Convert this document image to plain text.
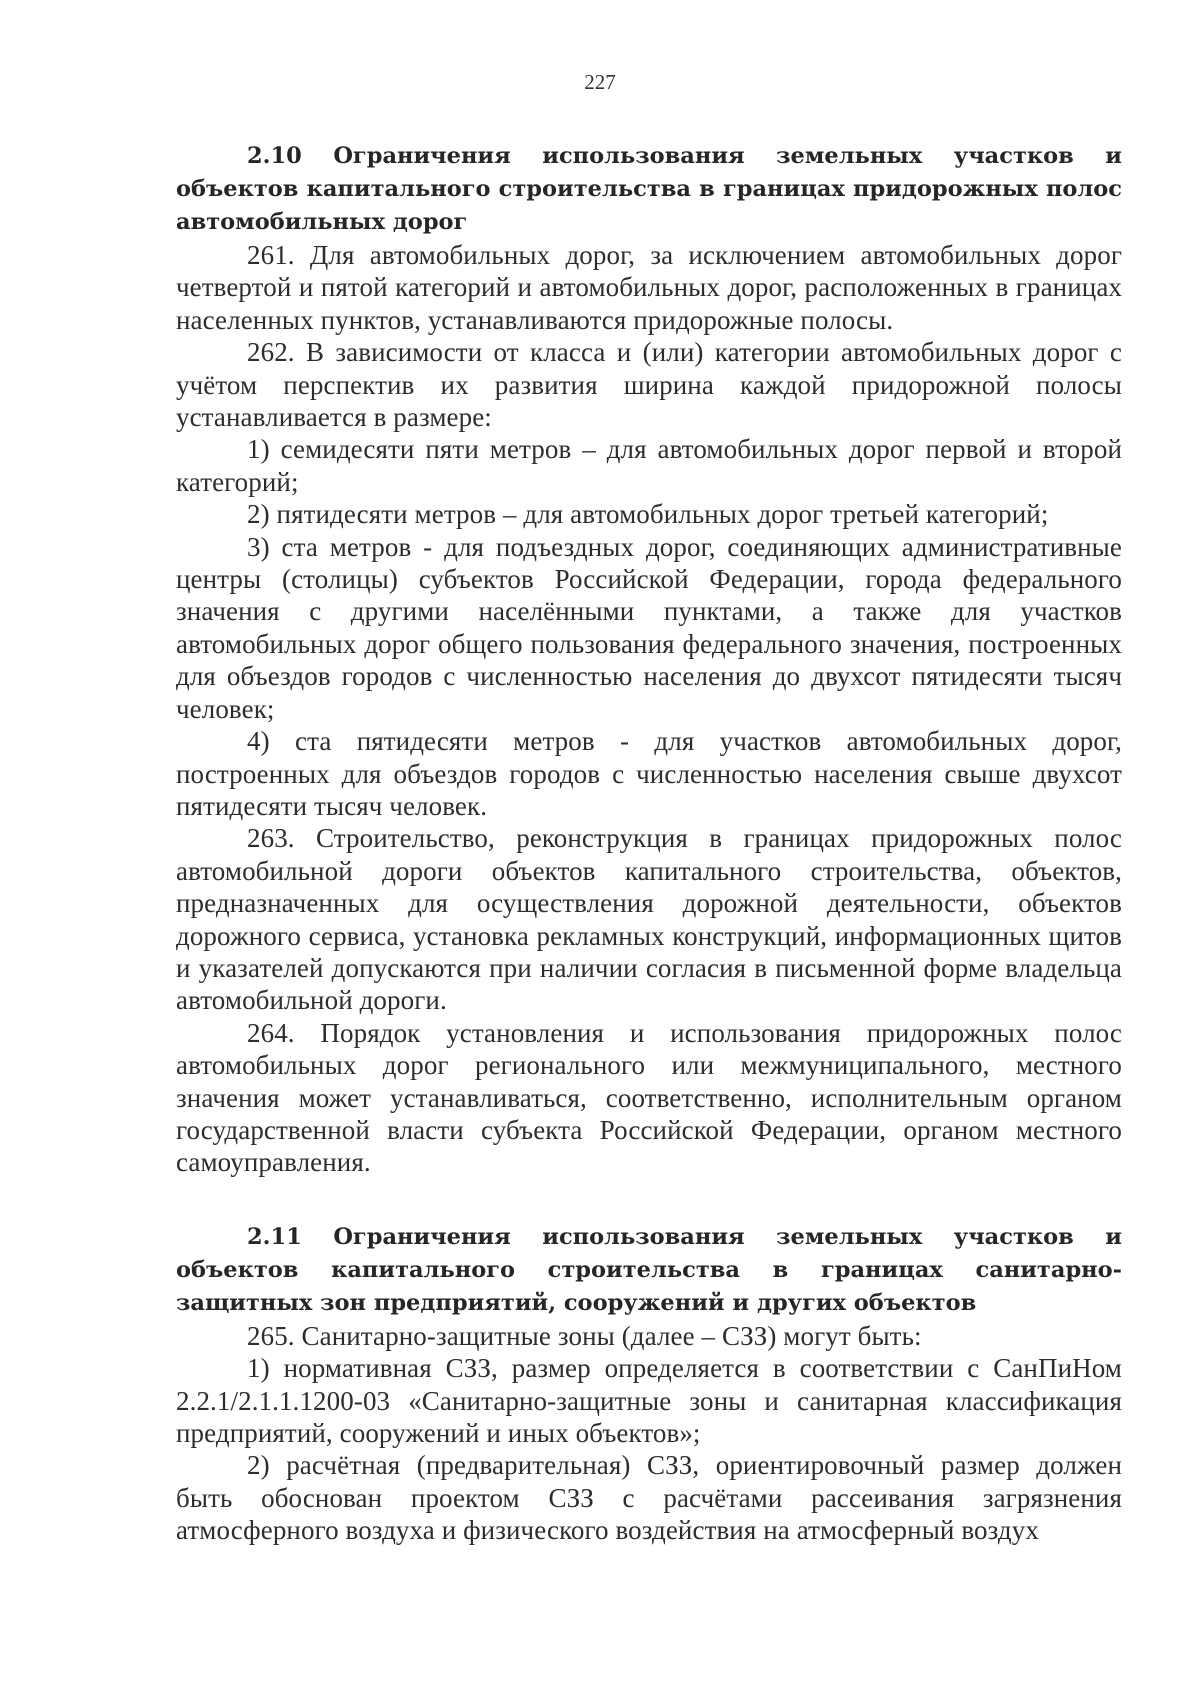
227

2.10 Ограничения использования земельных участков и объектов капитального строительства в границах придорожных полос автомобильных дорог

261. Для автомобильных дорог, за исключением автомобильных дорог четвертой и пятой категорий и автомобильных дорог, расположенных в границах населенных пунктов, устанавливаются придорожные полосы.

262. В зависимости от класса и (или) категории автомобильных дорог с учётом перспектив их развития ширина каждой придорожной полосы устанавливается в размере:

1) семидесяти пяти метров – для автомобильных дорог первой и второй категорий;

2) пятидесяти метров – для автомобильных дорог третьей категорий;

3) ста метров - для подъездных дорог, соединяющих административные центры (столицы) субъектов Российской Федерации, города федерального значения с другими населёнными пунктами, а также для участков автомобильных дорог общего пользования федерального значения, построенных для объездов городов с численностью населения до двухсот пятидесяти тысяч человек;

4) ста пятидесяти метров - для участков автомобильных дорог, построенных для объездов городов с численностью населения свыше двухсот пятидесяти тысяч человек.

263. Строительство, реконструкция в границах придорожных полос автомобильной дороги объектов капитального строительства, объектов, предназначенных для осуществления дорожной деятельности, объектов дорожного сервиса, установка рекламных конструкций, информационных щитов и указателей допускаются при наличии согласия в письменной форме владельца автомобильной дороги.

264. Порядок установления и использования придорожных полос автомобильных дорог регионального или межмуниципального, местного значения может устанавливаться, соответственно, исполнительным органом государственной власти субъекта Российской Федерации, органом местного самоуправления.

2.11 Ограничения использования земельных участков и объектов капитального строительства в границах санитарно-защитных зон предприятий, сооружений и других объектов

265. Санитарно-защитные зоны (далее – СЗЗ) могут быть:

1) нормативная СЗЗ, размер определяется в соответствии с СанПиНом 2.2.1/2.1.1.1200-03 «Санитарно-защитные зоны и санитарная классификация предприятий, сооружений и иных объектов»;

2) расчётная (предварительная) СЗЗ, ориентировочный размер должен быть обоснован проектом СЗЗ с расчётами рассеивания загрязнения атмосферного воздуха и физического воздействия на атмосферный воздух
